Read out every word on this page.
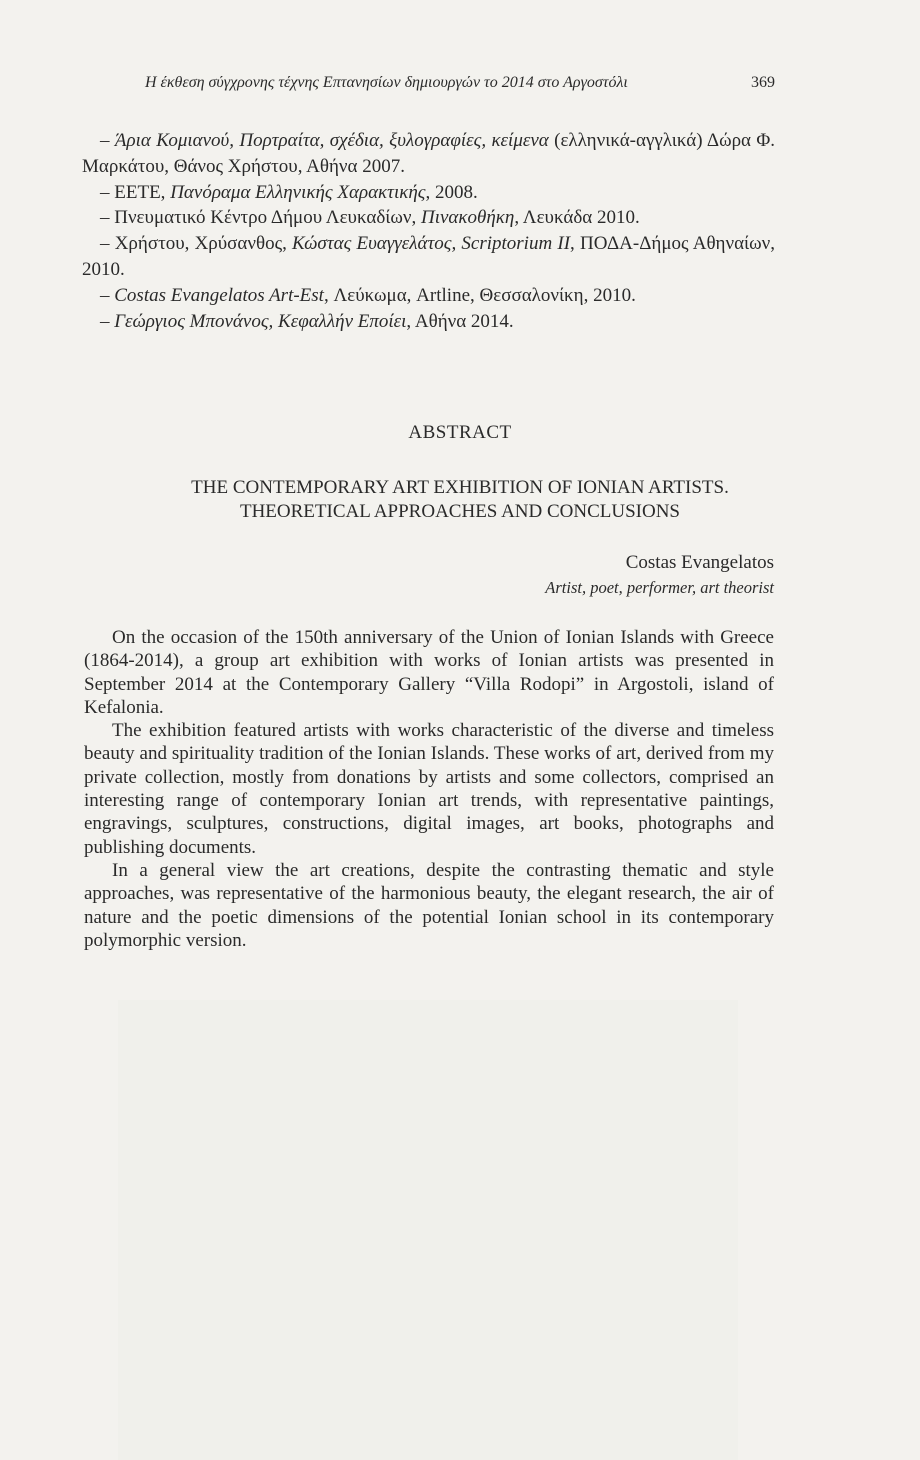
Η έκθεση σύγχρονης τέχνης Επτανησίων δημιουργών το 2014 στο Αργοστόλι	369

– Άρια Κομιανού, Πορτραίτα, σχέδια, ξυλογραφίες, κείμενα (ελληνικά-αγγλικά) Δώρα Φ. Μαρκάτου, Θάνος Χρήστου, Αθήνα 2007.

– ΕΕΤΕ, Πανόραμα Ελληνικής Χαρακτικής, 2008.

– Πνευματικό Κέντρο Δήμου Λευκαδίων, Πινακοθήκη, Λευκάδα 2010.

– Χρήστου, Χρύσανθος, Κώστας Ευαγγελάτος, Scriptorium II, ΠΟΔΑ-Δήμος Αθηναίων, 2010.

– Costas Evangelatos Art-Est, Λεύκωμα, Artline, Θεσσαλονίκη, 2010.

– Γεώργιος Μπονάνος, Κεφαλλήν Εποίει, Αθήνα 2014.

ABSTRACT
THE CONTEMPORARY ART EXHIBITION OF IONIAN ARTISTS.
THEORETICAL APPROACHES AND CONCLUSIONS
Costas Evangelatos
Artist, poet, performer, art theorist

On the occasion of the 150th anniversary of the Union of Ionian Islands with Greece (1864-2014), a group art exhibition with works of Ionian artists was presented in September 2014 at the Contemporary Gallery “Villa Rodopi” in Argostoli, island of Kefalonia.

The exhibition featured artists with works characteristic of the diverse and timeless beauty and spirituality tradition of the Ionian Islands. These works of art, derived from my private collection, mostly from donations by artists and some collectors, comprised an interesting range of contemporary Ionian art trends, with representative paintings, engravings, sculptures, constructions, digital images, art books, photographs and publishing documents.

In a general view the art creations, despite the contrasting thematic and style approaches, was representative of the harmonious beauty, the elegant research, the air of nature and the poetic dimensions of the potential Ionian school in its contemporary polymorphic version.
